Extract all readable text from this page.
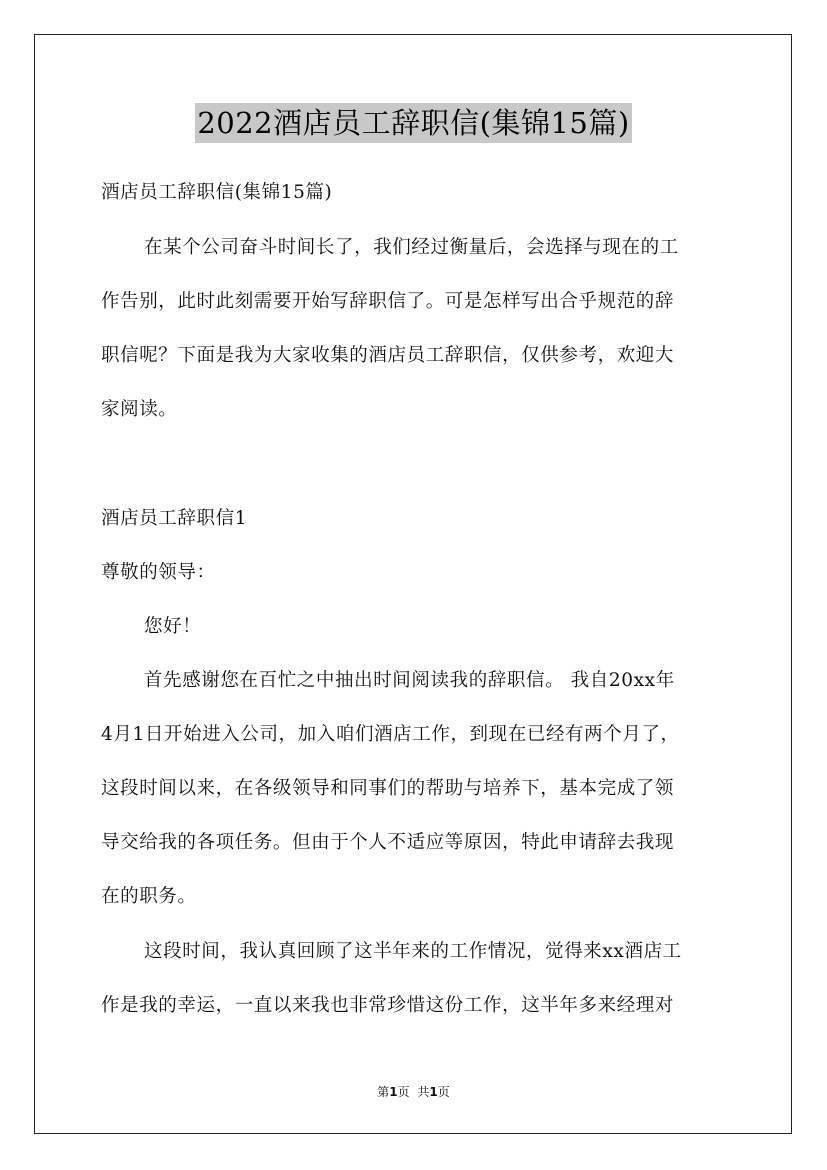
2022酒店员工辞职信(集锦15篇)
酒店员工辞职信(集锦15篇)
在某个公司奋斗时间长了，我们经过衡量后，会选择与现在的工
作告别，此时此刻需要开始写辞职信了。可是怎样写出合乎规范的辞
职信呢？下面是我为大家收集的酒店员工辞职信，仅供参考，欢迎大
家阅读。
酒店员工辞职信1
尊敬的领导：
您好！
首先感谢您在百忙之中抽出时间阅读我的辞职信。 我自20xx年
4月1日开始进入公司，加入咱们酒店工作，到现在已经有两个月了，
这段时间以来，在各级领导和同事们的帮助与培养下，基本完成了领
导交给我的各项任务。但由于个人不适应等原因，特此申请辞去我现
在的职务。
这段时间，我认真回顾了这半年来的工作情况，觉得来xx酒店工
作是我的幸运，一直以来我也非常珍惜这份工作，这半年多来经理对
第1页 共1页
